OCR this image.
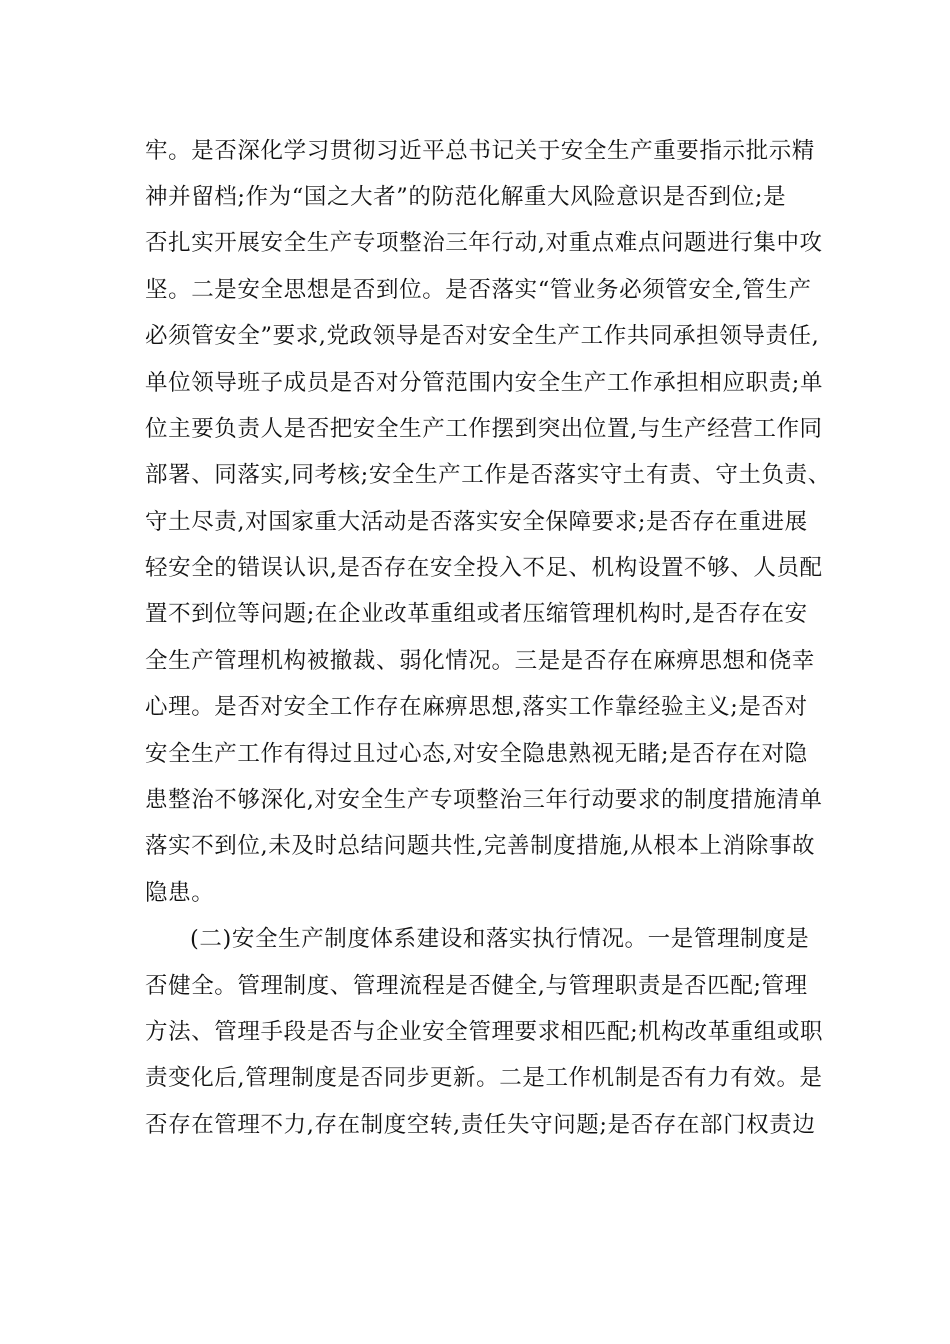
牢。是否深化学习贯彻习近平总书记关于安全生产重要指示批示精
神并留档;作为“国之大者”的防范化解重大风险意识是否到位;是
否扎实开展安全生产专项整治三年行动,对重点难点问题进行集中攻
坚。二是安全思想是否到位。是否落实“管业务必须管安全,管生产
必须管安全”要求,党政领导是否对安全生产工作共同承担领导责任,
单位领导班子成员是否对分管范围内安全生产工作承担相应职责;单
位主要负责人是否把安全生产工作摆到突出位置,与生产经营工作同
部署、同落实,同考核;安全生产工作是否落实守土有责、守土负责、
守土尽责,对国家重大活动是否落实安全保障要求;是否存在重进展
轻安全的错误认识,是否存在安全投入不足、机构设置不够、人员配
置不到位等问题;在企业改革重组或者压缩管理机构时,是否存在安
全生产管理机构被撤裁、弱化情况。三是是否存在麻痹思想和侥幸
心理。是否对安全工作存在麻痹思想,落实工作靠经验主义;是否对
安全生产工作有得过且过心态,对安全隐患熟视无睹;是否存在对隐
患整治不够深化,对安全生产专项整治三年行动要求的制度措施清单
落实不到位,未及时总结问题共性,完善制度措施,从根本上消除事故
隐患。
(二)安全生产制度体系建设和落实执行情况。一是管理制度是
否健全。管理制度、管理流程是否健全,与管理职责是否匹配;管理
方法、管理手段是否与企业安全管理要求相匹配;机构改革重组或职
责变化后,管理制度是否同步更新。二是工作机制是否有力有效。是
否存在管理不力,存在制度空转,责任失守问题;是否存在部门权责边
